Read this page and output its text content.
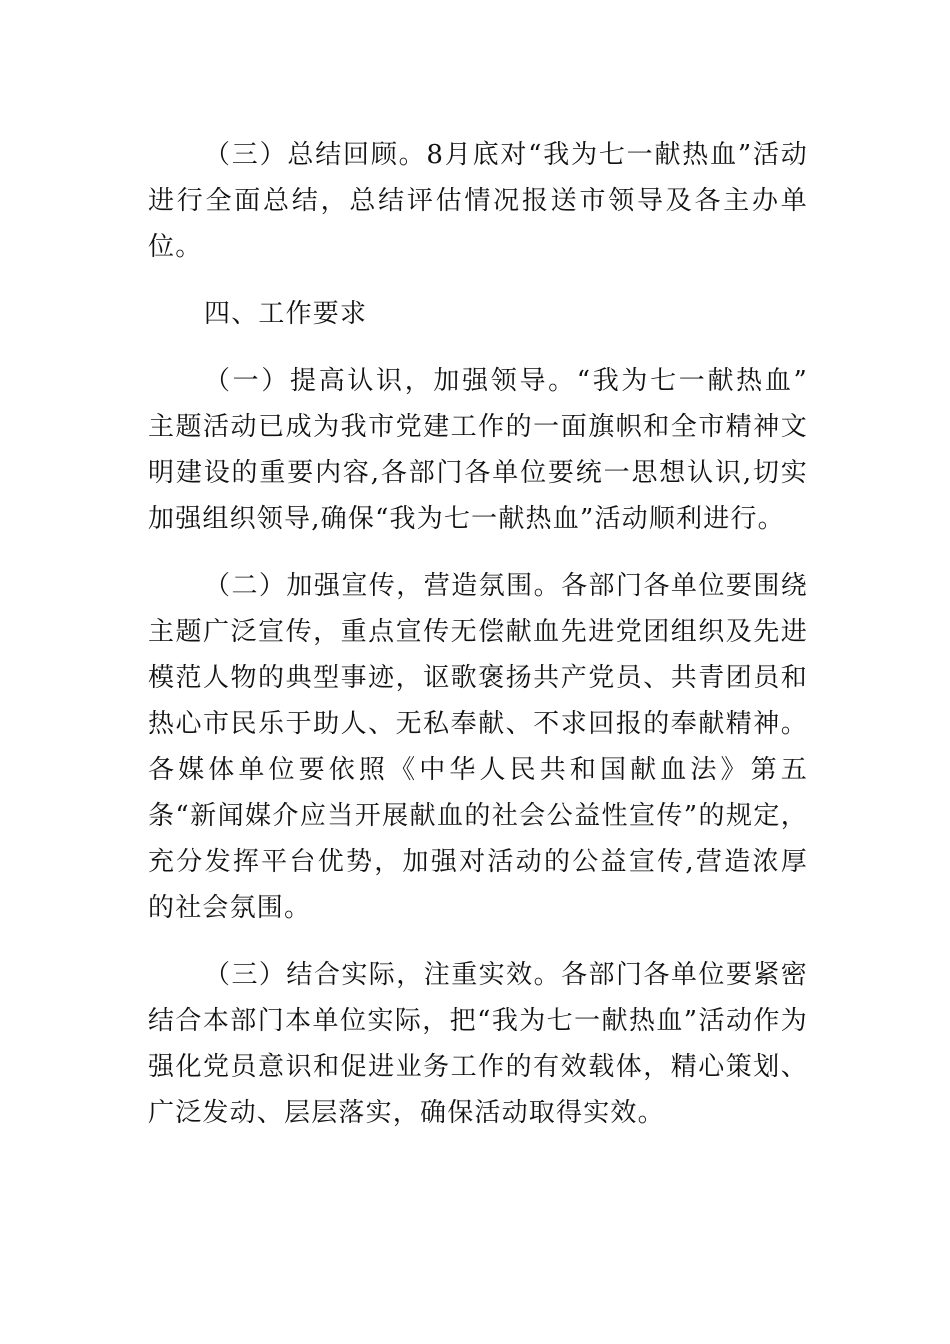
（三）总结回顾。8月底对“我为七一献热血”活动进行全面总结，总结评估情况报送市领导及各主办单位。

四、工作要求

（一）提高认识，加强领导。“我为七一献热血” 主题活动已成为我市党建工作的一面旗帜和全市精神文明建设的重要内容,各部门各单位要统一思想认识,切实加强组织领导,确保“我为七一献热血”活动顺利进行。

（二）加强宣传，营造氛围。各部门各单位要围绕主题广泛宣传，重点宣传无偿献血先进党团组织及先进模范人物的典型事迹，讴歌褒扬共产党员、共青团员和热心市民乐于助人、无私奉献、不求回报的奉献精神。各媒体单位要依照《中华人民共和国献血法》第五条“新闻媒介应当开展献血的社会公益性宣传”的规定，充分发挥平台优势，加强对活动的公益宣传,营造浓厚的社会氛围。

（三）结合实际，注重实效。各部门各单位要紧密结合本部门本单位实际，把“我为七一献热血”活动作为强化党员意识和促进业务工作的有效载体，精心策划、广泛发动、层层落实，确保活动取得实效。
